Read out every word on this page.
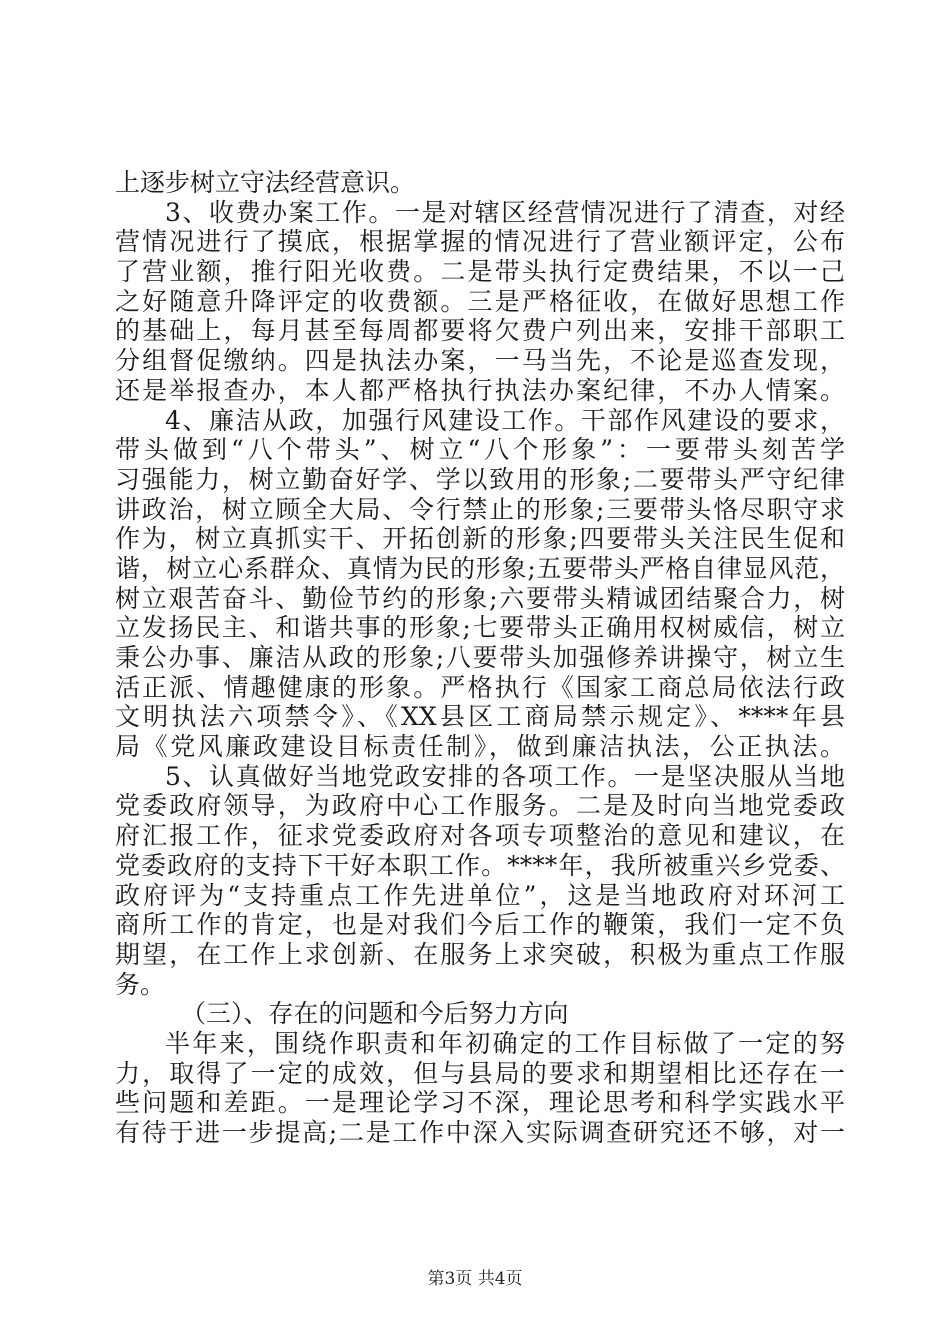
上逐步树立守法经营意识。
3、收费办案工作。一是对辖区经营情况进行了清查，对经
营情况进行了摸底，根据掌握的情况进行了营业额评定，公布
了营业额，推行阳光收费。二是带头执行定费结果，不以一己
之好随意升降评定的收费额。三是严格征收，在做好思想工作
的基础上，每月甚至每周都要将欠费户列出来，安排干部职工
分组督促缴纳。四是执法办案，一马当先，不论是巡查发现，
还是举报查办，本人都严格执行执法办案纪律，不办人情案。
4、廉洁从政，加强行风建设工作。干部作风建设的要求，
带头做到“八个带头”、树立“八个形象”：一要带头刻苦学
习强能力，树立勤奋好学、学以致用的形象;二要带头严守纪律
讲政治，树立顾全大局、令行禁止的形象;三要带头恪尽职守求
作为，树立真抓实干、开拓创新的形象;四要带头关注民生促和
谐，树立心系群众、真情为民的形象;五要带头严格自律显风范，
树立艰苦奋斗、勤俭节约的形象;六要带头精诚团结聚合力，树
立发扬民主、和谐共事的形象;七要带头正确用权树威信，树立
秉公办事、廉洁从政的形象;八要带头加强修养讲操守，树立生
活正派、情趣健康的形象。严格执行《国家工商总局依法行政
文明执法六项禁令》、《XX县区工商局禁示规定》、****年县
局《党风廉政建设目标责任制》，做到廉洁执法，公正执法。
5、认真做好当地党政安排的各项工作。一是坚决服从当地
党委政府领导，为政府中心工作服务。二是及时向当地党委政
府汇报工作，征求党委政府对各项专项整治的意见和建议，在
党委政府的支持下干好本职工作。****年，我所被重兴乡党委、
政府评为“支持重点工作先进单位”，这是当地政府对环河工
商所工作的肯定，也是对我们今后工作的鞭策，我们一定不负
期望，在工作上求创新、在服务上求突破，积极为重点工作服
务。
（三）、存在的问题和今后努力方向
半年来，围绕作职责和年初确定的工作目标做了一定的努
力，取得了一定的成效，但与县局的要求和期望相比还存在一
些问题和差距。一是理论学习不深，理论思考和科学实践水平
有待于进一步提高;二是工作中深入实际调查研究还不够，对一
第3页 共4页
